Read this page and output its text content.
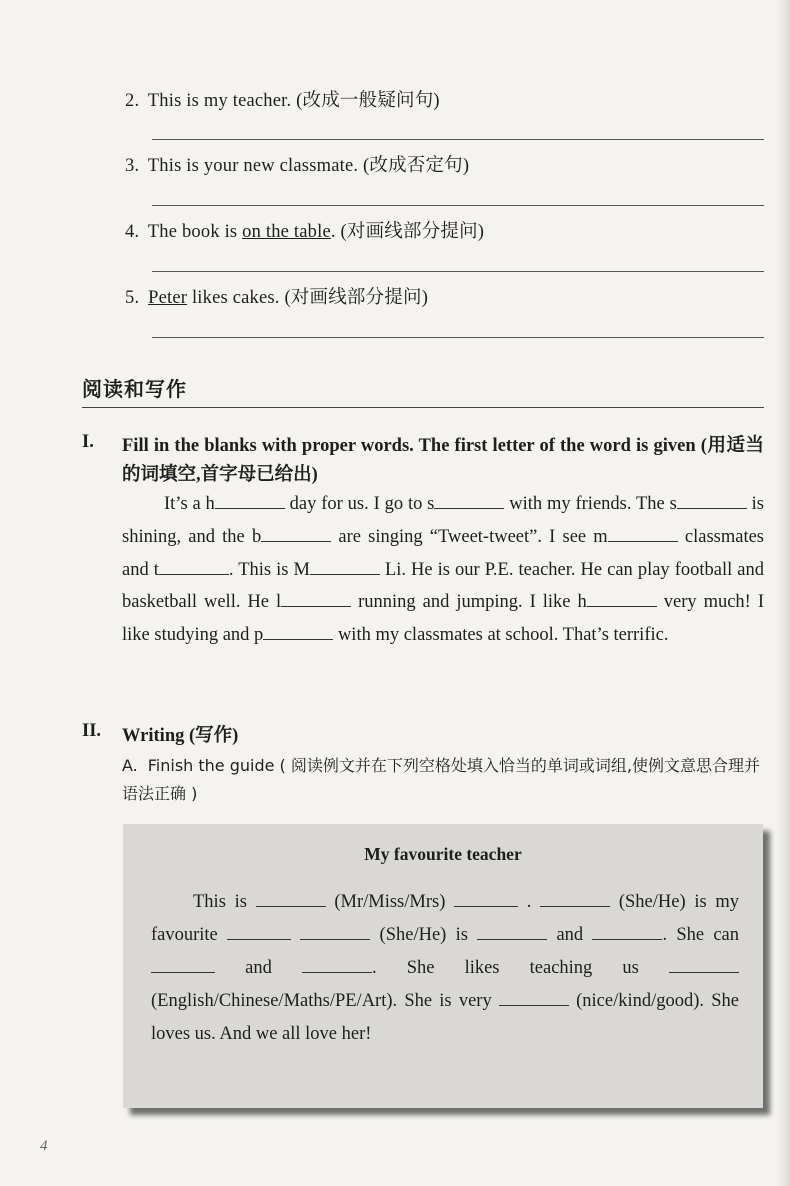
2. This is my teacher. (改成一般疑问句)
3. This is your new classmate. (改成否定句)
4. The book is on the table. (对画线部分提问)
5. Peter likes cakes. (对画线部分提问)
阅读和写作
I. Fill in the blanks with proper words. The first letter of the word is given (用适当的词填空,首字母已给出)

It’s a h	day for us. I go to s	with my friends. The s	is shining, and the b	are singing “Tweet-tweet”. I see m	classmates and t	. This is M	Li. He is our P.E. teacher. He can play football and basketball well. He l	running and jumping. I like h	very much! I like studying and p	with my classmates at school. That’s terrific.

II. Writing (写作)
A. Finish the guide ( 阅读例文并在下列空格处填入恰当的单词或词组,使例文意思合理并语法正确 )
My favourite teacher

This is	(Mr/Miss/Mrs)	.	(She/He) is my favourite	(She/He) is	and	. She can  and	. She likes teaching us  (English/Chinese/Maths/PE/Art). She is very	(nice/kind/good). She loves us. And we all love her!

4
